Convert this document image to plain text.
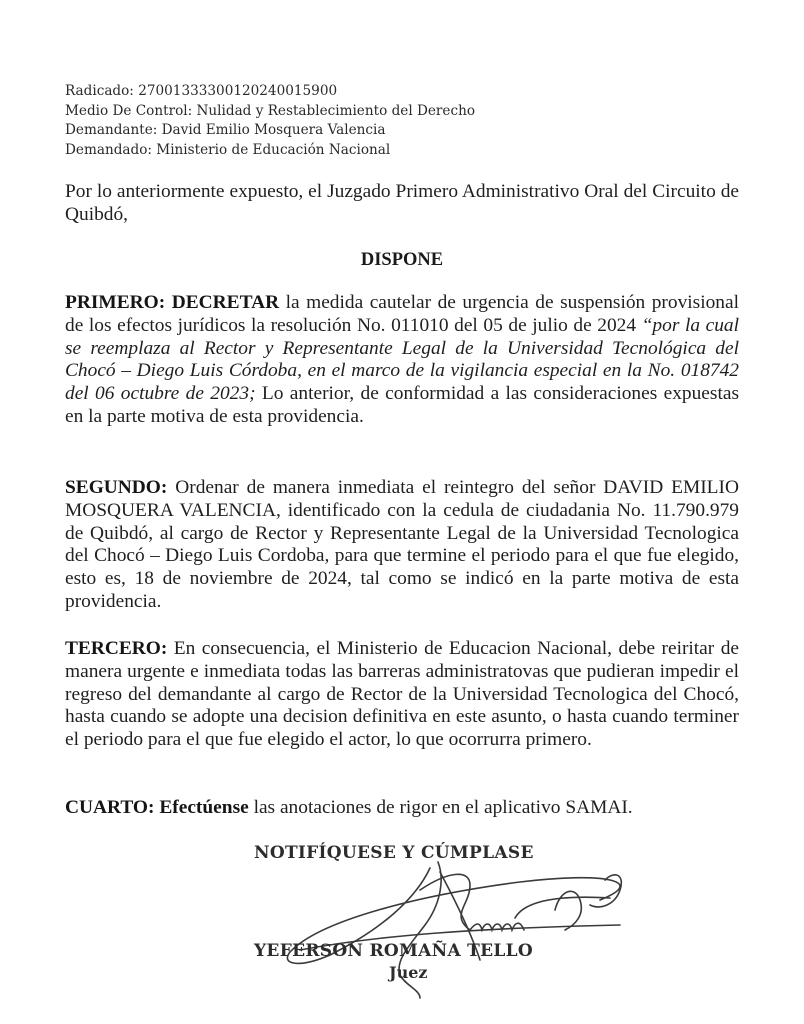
Radicado: 27001333300120240015900
Medio De Control: Nulidad y Restablecimiento del Derecho
Demandante: David Emilio Mosquera Valencia
Demandado: Ministerio de Educación Nacional
Por lo anteriormente expuesto, el Juzgado Primero Administrativo Oral del Circuito de Quibdó,
DISPONE
PRIMERO: DECRETAR la medida cautelar de urgencia de suspensión provisional de los efectos jurídicos la resolución No. 011010 del 05 de julio de 2024 “por la cual se reemplaza al Rector y Representante Legal de la Universidad Tecnológica del Chocó – Diego Luis Córdoba, en el marco de la vigilancia especial en la No. 018742 del 06 octubre de 2023; Lo anterior, de conformidad a las consideraciones expuestas en la parte motiva de esta providencia.
SEGUNDO: Ordenar de manera inmediata el reintegro del señor DAVID EMILIO MOSQUERA VALENCIA, identificado con la cedula de ciudadania No. 11.790.979 de Quibdó, al cargo de Rector y Representante Legal de la Universidad Tecnologica del Chocó – Diego Luis Cordoba, para que termine el periodo para el que fue elegido, esto es, 18 de noviembre de 2024, tal como se indicó en la parte motiva de esta providencia.
TERCERO: En consecuencia, el Ministerio de Educacion Nacional, debe reiritar de manera urgente e inmediata todas las barreras administratovas que pudieran impedir el regreso del demandante al cargo de Rector de la Universidad Tecnologica del Chocó, hasta cuando se adopte una decision definitiva en este asunto, o hasta cuando terminer el periodo para el que fue elegido el actor, lo que ocorrurra primero.
CUARTO: Efectúense las anotaciones de rigor en el aplicativo SAMAI.
NOTIFÍQUESE Y CÚMPLASE
YEFERSON ROMAÑA TELLO
Juez
